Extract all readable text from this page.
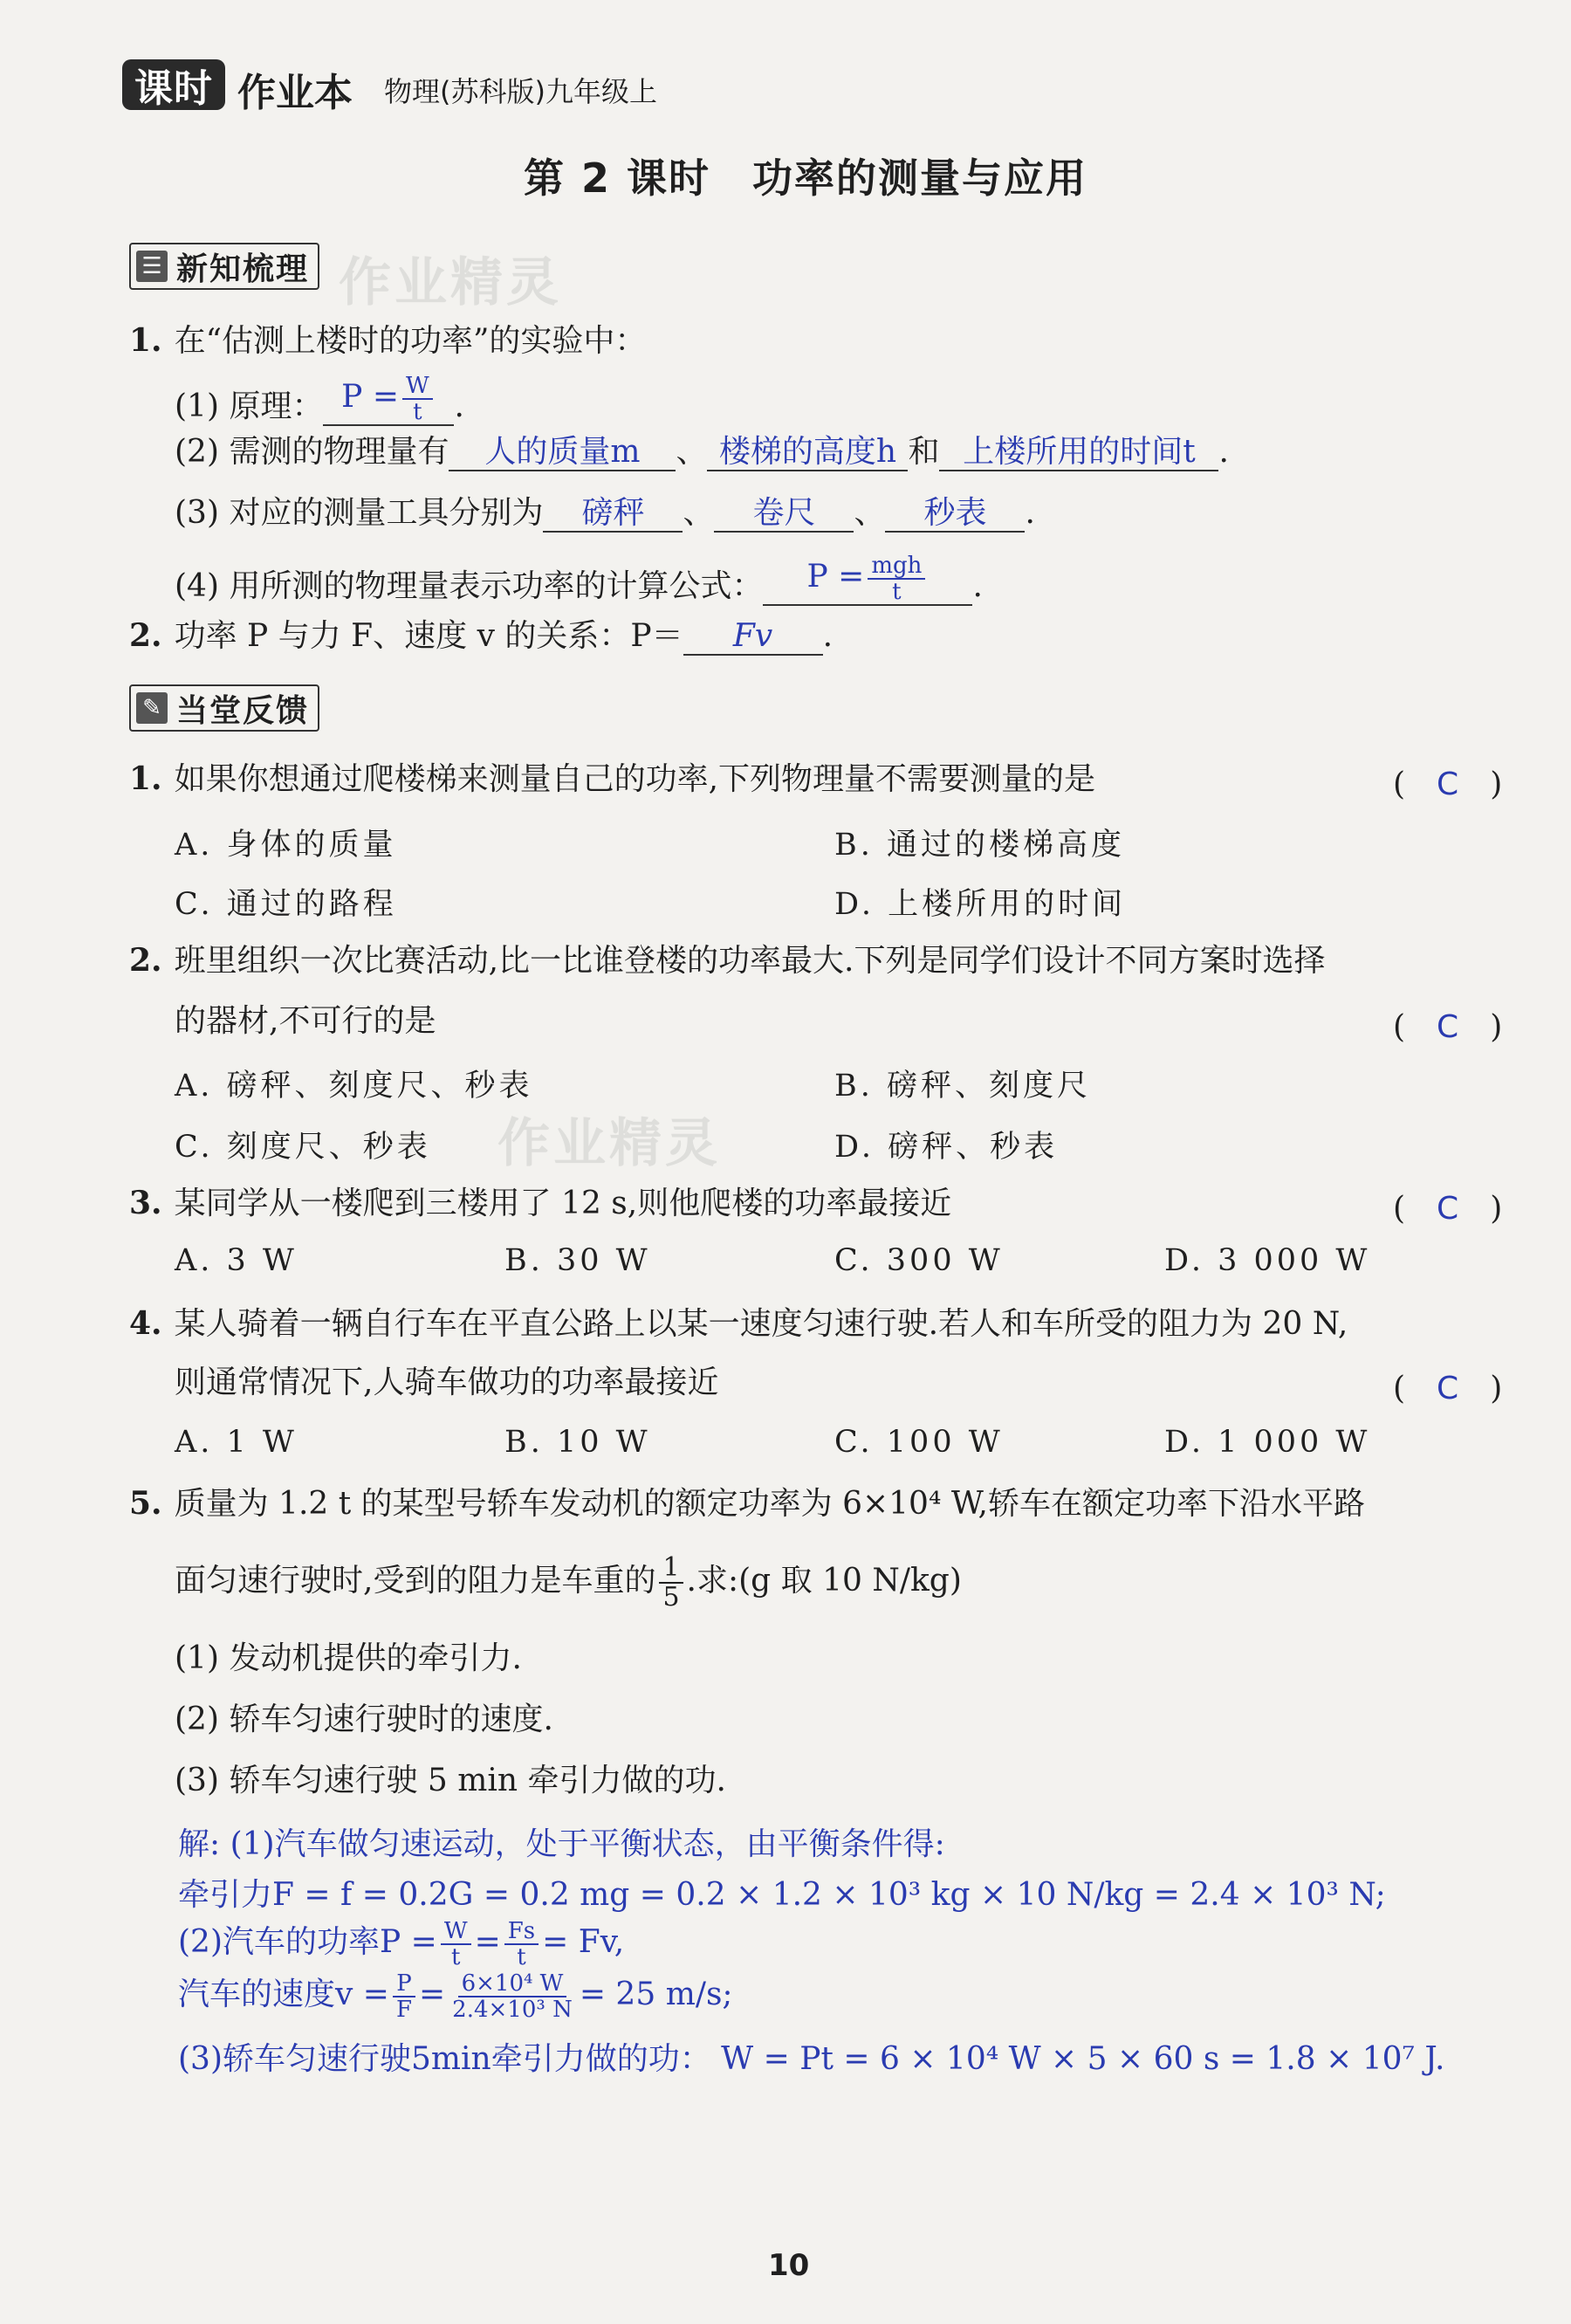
课时 作业本 物理(苏科版)九年级上
第 2 课时　功率的测量与应用
☰ 新知梳理 作业精灵
1. 在“估测上楼时的功率”的实验中：
(1) 原理： $P = \frac{W}{t}$ .
(2) 需测的物理量有 人的质量m 、 楼梯的高度h 和 上楼所用的时间t .
(3) 对应的测量工具分别为 磅秤 、 卷尺 、 秒表 .
(4) 用所测的物理量表示功率的计算公式： $P = \frac{\text{mgh}}{t}$ .
2. 功率 P 与力 F、速度 v 的关系：P＝ Fv .
✎ 当堂反馈
1. 如果你想通过爬楼梯来测量自己的功率,下列物理量不需要测量的是	(　C　)
A. 身体的质量	B. 通过的楼梯高度
C. 通过的路程	D. 上楼所用的时间
2. 班里组织一次比赛活动,比一比谁登楼的功率最大.下列是同学们设计不同方案时选择
的器材,不可行的是	(　C　)
A. 磅秤、刻度尺、秒表	B. 磅秤、刻度尺
C. 刻度尺、秒表	D. 磅秤、秒表
作业精灵
3. 某同学从一楼爬到三楼用了 12 s,则他爬楼的功率最接近	(　C　)
A. 3 W	B. 30 W	C. 300 W	D. 3 000 W
4. 某人骑着一辆自行车在平直公路上以某一速度匀速行驶.若人和车所受的阻力为 20 N,
则通常情况下,人骑车做功的功率最接近	(　C　)
A. 1 W	B. 10 W	C. 100 W	D. 1 000 W
5. 质量为 1.2 t 的某型号轿车发动机的额定功率为 6×10⁴ W,轿车在额定功率下沿水平路
面匀速行驶时,受到的阻力是车重的 $\frac{1}{5}$ .求:(g 取 10 N/kg)
(1) 发动机提供的牵引力.
(2) 轿车匀速行驶时的速度.
(3) 轿车匀速行驶 5 min 牵引力做的功.
解: (1)汽车做匀速运动，处于平衡状态，由平衡条件得:
牵引力F = f = 0.2G = 0.2 mg = 0.2 × 1.2 × 10³ kg × 10 N/kg = 2.4 × 10³ N;
(2)汽车的功率$P = \frac{W}{t} = \frac{Fs}{t} = Fv$,
汽车的速度$v = \frac{P}{F} = \frac{\text{6×10⁴ W}}{\text{2.4×10³ N}} = 25$ m/s;
(3)轿车匀速行驶5min牵引力做的功： W = Pt = 6 × 10⁴ W × 5 × 60 s = 1.8 × 10⁷ J.
10
